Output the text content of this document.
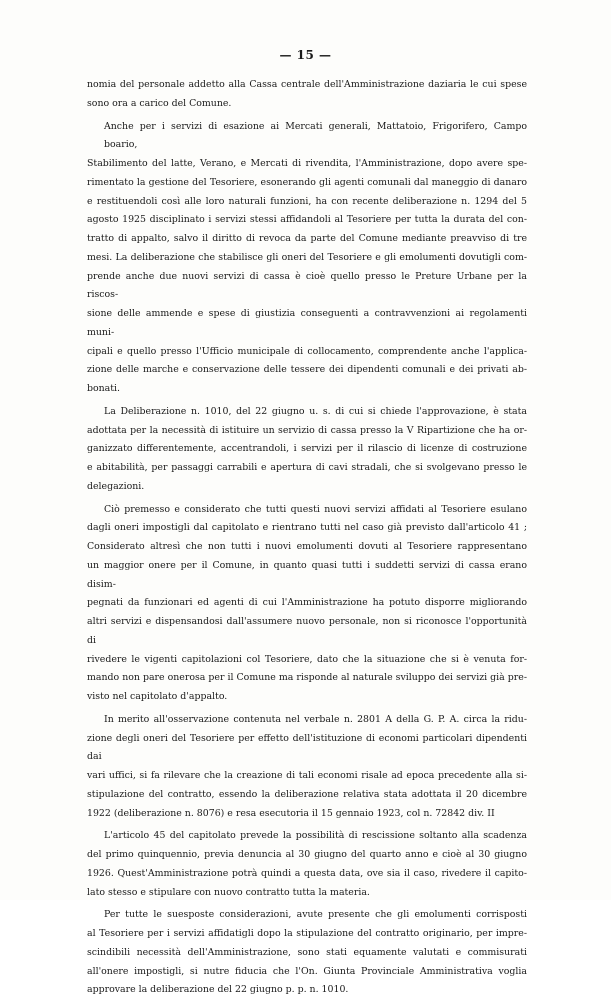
— 15 —
nomia del personale addetto alla Cassa centrale dell'Amministrazione daziaria le cui spese
sono ora a carico del Comune.
Anche per i servizi di esazione ai Mercati generali, Mattatoio, Frigorifero, Campo boario,
Stabilimento del latte, Verano, e Mercati di rivendita, l'Amministrazione, dopo avere spe-
rimentato la gestione del Tesoriere, esonerando gli agenti comunali dal maneggio di danaro
e restituendoli così alle loro naturali funzioni, ha con recente deliberazione n. 1294 del 5
agosto 1925 disciplinato i servizi stessi affidandoli al Tesoriere per tutta la durata del con-
tratto di appalto, salvo il diritto di revoca da parte del Comune mediante preavviso di tre
mesi. La deliberazione che stabilisce gli oneri del Tesoriere e gli emolumenti dovutigli com-
prende anche due nuovi servizi di cassa è cioè quello presso le Preture Urbane per la riscos-
sione delle ammende e spese di giustizia conseguenti a contravvenzioni ai regolamenti muni-
cipali e quello presso l'Ufficio municipale di collocamento, comprendente anche l'applica-
zione delle marche e conservazione delle tessere dei dipendenti comunali e dei privati ab-
bonati.
La Deliberazione n. 1010, del 22 giugno u. s. di cui si chiede l'approvazione, è stata
adottata per la necessità di istituire un servizio di cassa presso la V Ripartizione che ha or-
ganizzato differentemente, accentrandoli, i servizi per il rilascio di licenze di costruzione
e abitabilità, per passaggi carrabili e apertura di cavi stradali, che si svolgevano presso le
delegazioni.
Ciò premesso e considerato che tutti questi nuovi servizi affidati al Tesoriere esulano
dagli oneri impostigli dal capitolato e rientrano tutti nel caso già previsto dall'articolo 41 ;
Considerato altresì che non tutti i nuovi emolumenti dovuti al Tesoriere rappresentano
un maggior onere per il Comune, in quanto quasi tutti i suddetti servizi di cassa erano disim-
pegnati da funzionari ed agenti di cui l'Amministrazione ha potuto disporre migliorando
altri servizi e dispensandosi dall'assumere nuovo personale, non si riconosce l'opportunità di
rivedere le vigenti capitolazioni col Tesoriere, dato che la situazione che si è venuta for-
mando non pare onerosa per il Comune ma risponde al naturale sviluppo dei servizi già pre-
visto nel capitolato d'appalto.
In merito all'osservazione contenuta nel verbale n. 2801 A della G. P. A. circa la ridu-
zione degli oneri del Tesoriere per effetto dell'istituzione di economi particolari dipendenti dai
vari uffici, si fa rilevare che la creazione di tali economi risale ad epoca precedente alla si-
stipulazione del contratto, essendo la deliberazione relativa stata adottata il 20 dicembre
1922 (deliberazione n. 8076) e resa esecutoria il 15 gennaio 1923, col n. 72842 div. II
L'articolo 45 del capitolato prevede la possibilità di rescissione soltanto alla scadenza
del primo quinquennio, previa denuncia al 30 giugno del quarto anno e cioè al 30 giugno
1926. Quest'Amministrazione potrà quindi a questa data, ove sia il caso, rivedere il capito-
lato stesso e stipulare con nuovo contratto tutta la materia.
Per tutte le suesposte considerazioni, avute presente che gli emolumenti corrisposti
al Tesoriere per i servizi affidatigli dopo la stipulazione del contratto originario, per impre-
scindibili necessità dell'Amministrazione, sono stati equamente valutati e commisurati
all'onere impostigli, si nutre fiducia che l'On. Giunta Provinciale Amministrativa voglia
approvare la deliberazione del 22 giugno p. p. n. 1010.
